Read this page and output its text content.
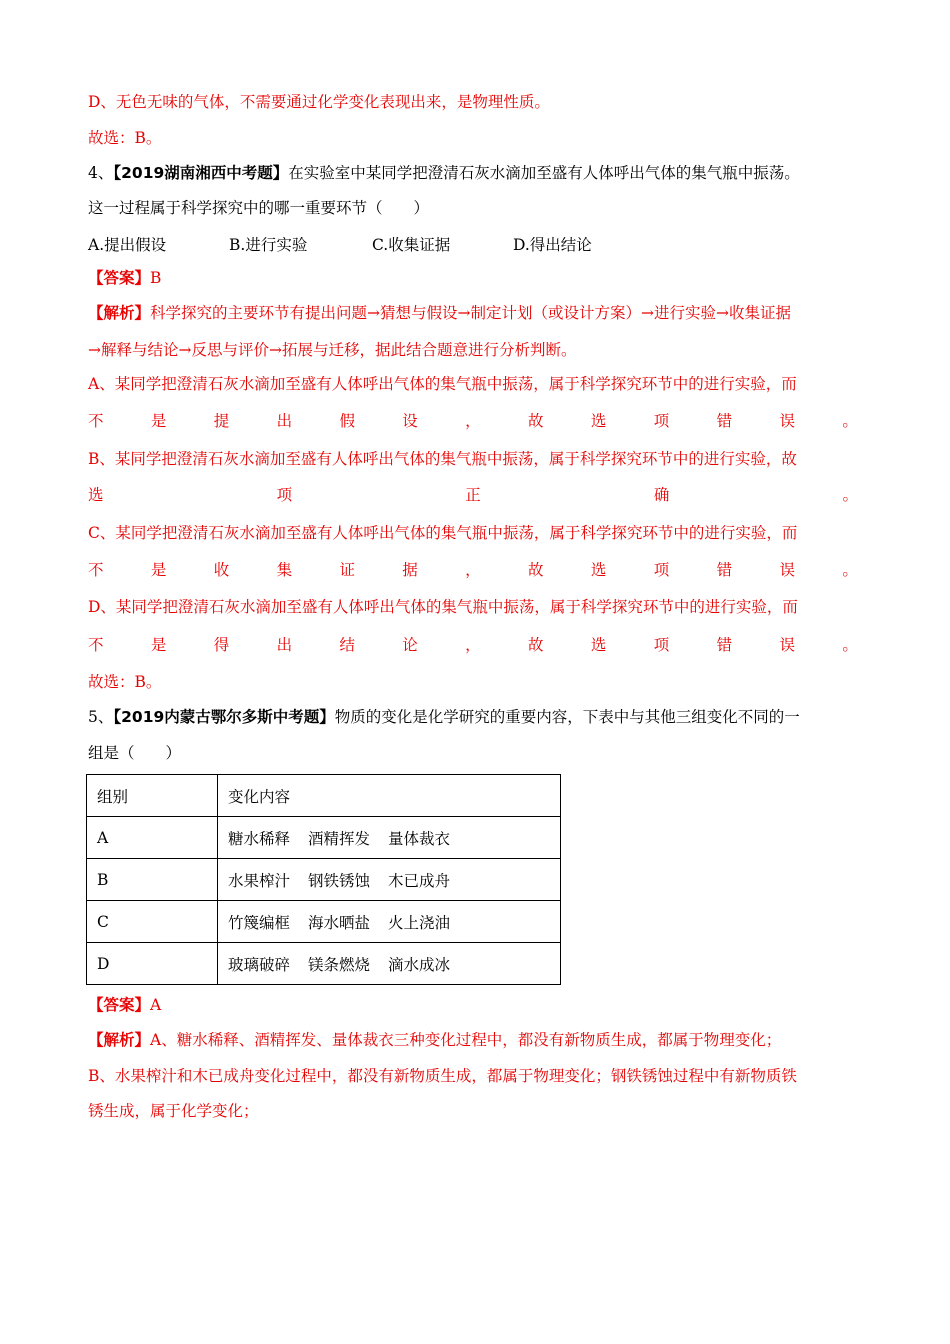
D、无色无味的气体，不需要通过化学变化表现出来，是物理性质。
故选：B。
4、【2019湖南湘西中考题】在实验室中某同学把澄清石灰水滴加至盛有人体呼出气体的集气瓶中振荡。
这一过程属于科学探究中的哪一重要环节（　　）
A.提出假设	B.进行实验	C.收集证据	D.得出结论
【答案】B
【解析】科学探究的主要环节有提出问题→猜想与假设→制定计划（或设计方案）→进行实验→收集证据
→解释与结论→反思与评价→拓展与迁移，据此结合题意进行分析判断。
A、某同学把澄清石灰水滴加至盛有人体呼出气体的集气瓶中振荡，属于科学探究环节中的进行实验，而
不	是	提	出	假	设	，	故	选	项	错	误	。
B、某同学把澄清石灰水滴加至盛有人体呼出气体的集气瓶中振荡，属于科学探究环节中的进行实验，故
选	项	正	确	。
C、某同学把澄清石灰水滴加至盛有人体呼出气体的集气瓶中振荡，属于科学探究环节中的进行实验，而
不	是	收	集	证	据	，	故	选	项	错	误	。
D、某同学把澄清石灰水滴加至盛有人体呼出气体的集气瓶中振荡，属于科学探究环节中的进行实验，而
不	是	得	出	结	论	，	故	选	项	错	误	。
故选：B。
5、【2019内蒙古鄂尔多斯中考题】物质的变化是化学研究的重要内容，下表中与其他三组变化不同的一
组是（　　）
组别	变化内容
A	糖水稀释 酒精挥发 量体裁衣
B	水果榨汁 钢铁锈蚀 木已成舟
C	竹篾编框 海水晒盐 火上浇油
D	玻璃破碎 镁条燃烧 滴水成冰
【答案】A
【解析】A、糖水稀释、酒精挥发、量体裁衣三种变化过程中，都没有新物质生成，都属于物理变化；
B、水果榨汁和木已成舟变化过程中，都没有新物质生成，都属于物理变化；钢铁锈蚀过程中有新物质铁
锈生成，属于化学变化；
